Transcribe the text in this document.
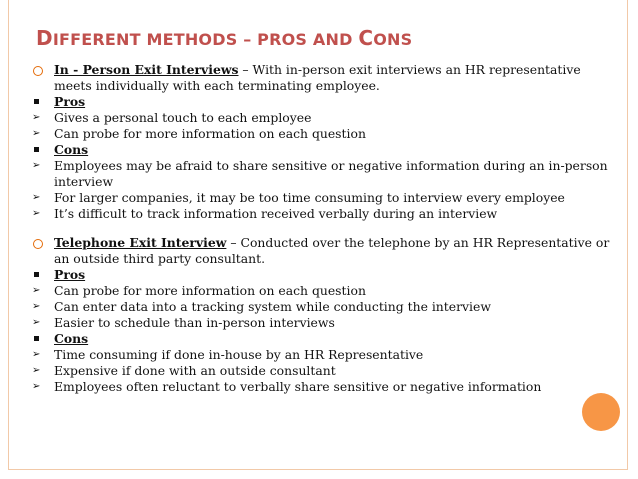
DIFFERENT METHODS – PROS AND CONS
In - Person Exit Interviews – With in-person exit interviews an HR representative meets individually with each terminating employee.
Pros
➢	Gives a personal touch to each employee
➢	Can probe for more information on each question
Cons
➢	Employees may be afraid to share sensitive or negative information during an in-person interview
➢	For larger companies, it may be too time consuming to interview every employee
➢	It’s difficult to track information received verbally during an interview
Telephone Exit Interview – Conducted over the telephone by an HR Representative or an outside third party consultant.
Pros
➢	Can probe for more information on each question
➢	Can enter data into a tracking system while conducting the interview
➢	Easier to schedule than in-person interviews
Cons
➢	Time consuming if done in-house by an HR Representative
➢	Expensive if done with an outside consultant
➢	Employees often reluctant to verbally share sensitive or negative information
